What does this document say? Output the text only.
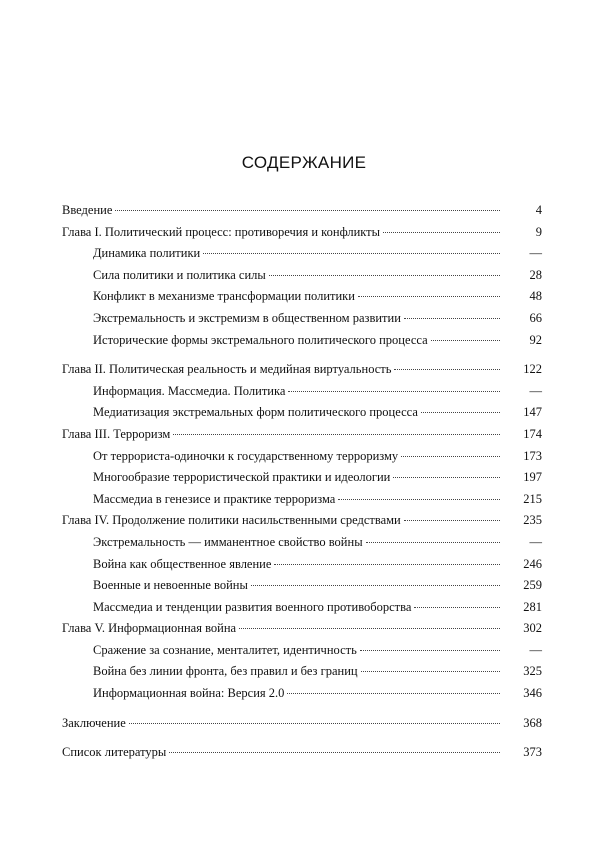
СОДЕРЖАНИЕ
Введение	4
Глава I. Политический процесс: противоречия и конфликты	9
Динамика политики	—
Сила политики и политика силы	28
Конфликт в механизме трансформации политики	48
Экстремальность и экстремизм в общественном развитии	66
Исторические формы экстремального политического процесса	92
Глава II. Политическая реальность и медийная виртуальность	122
Информация. Массмедиа. Политика	—
Медиатизация экстремальных форм политического процесса	147
Глава III. Терроризм	174
От террориста-одиночки к государственному терроризму	173
Многообразие террористической практики и идеологии	197
Массмедиа в генезисе и практике терроризма	215
Глава IV. Продолжение политики насильственными средствами	235
Экстремальность — имманентное свойство войны	—
Война как общественное явление	246
Военные и невоенные войны	259
Массмедиа и тенденции развития военного противоборства	281
Глава V. Информационная война	302
Сражение за сознание, менталитет, идентичность	—
Война без линии фронта, без правил и без границ	325
Информационная война: Версия 2.0	346
Заключение	368
Список литературы	373
